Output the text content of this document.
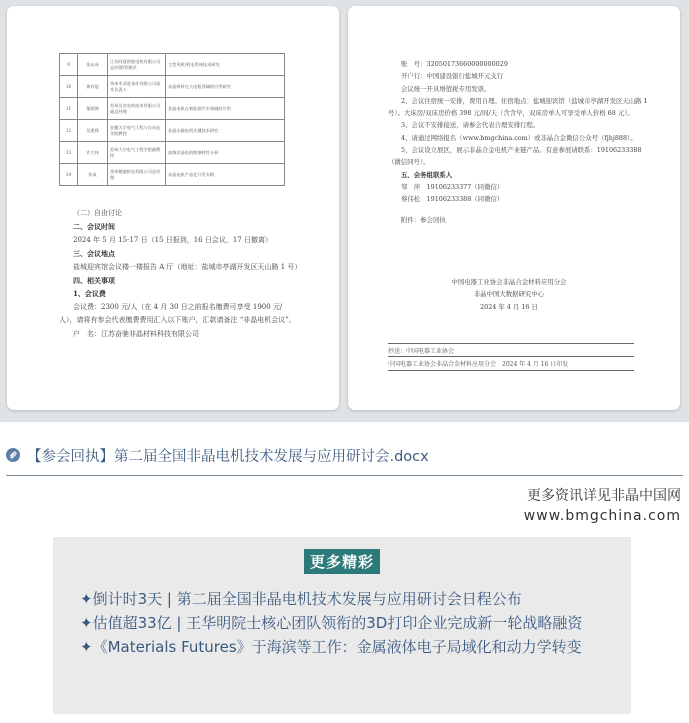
9	张永成	江苏同晟智能电机有限公司总经理/管理层	大型风机/机电系统技术研究
10	黄有能	常州市武进金环有限公司技术负责人	非晶带材在大电机领域的应用研究
11	郁炳海	苏州贝克电机技术有限公司副总经理	非晶电机在新能源汽车领域的应用
12	吴建锋	安徽大学电气工程与自动化学院教授	非晶永磁电机关键技术研究
13	许大伟	苏州大学电气工程学院副教授	高频非晶电机铁损特性分析
14	张成	常州德驰机电有限公司总经理	非晶电机产品化开发实践
（二）自由讨论
二、会议时间
2024 年 5 月 15-17 日（15 日报到，16 日会议，17 日撤离）
三、会议地点
盐城迎宾馆会议楼一楼报告 A 厅（地址：盐城市亭湖开发区天山路 1 号）
四、相关事项
1、会议费
会议费：2300 元/人（在 4 月 30 日之前报名缴费可享受 1900 元/人），请将有参会代表缴费费用汇入以下账户，汇款请备注 “非晶电机会议”。
户　名：江苏奋驰非晶材料科技有限公司
账　号：32050173660000000029
开户行：中国建设银行盐城开元支行
会议统一开具增值税专用发票。
2、会议住宿统一安排，费用自理。住宿地点：盐城迎宾馆（盐城市亭湖开发区天山路 1 号）。大床房/双床房价格 398 元/间/天（含含早，双床房单人可享受单人价格 68 元）。
3、会议不安排接送，请参会代表合理安排行程。
4、请通过网络报名（www.bmgchina.com）或非晶合金微信公众号（fjhj888）。
5、会议设立展区，展示非晶合金电机产业链产品。有意参展请联系：19106233388（微信同号）。
五、会务组联系人
邹　萍　19106233377（同微信）
蔡伟松　19106233388（同微信）
附件：参会回执
中国电器工业协会非晶合金材料应用分会
非晶中国大数据研究中心
2024 年 4 月 16 日
抄送：中国电器工业协会
中国电器工业协会非晶合金材料应用分会　2024 年 4 月 16 日印发
【参会回执】第二届全国非晶电机技术发展与应用研讨会.docx
更多资讯详见非晶中国网
www.bmgchina.com
更多精彩
✦倒计时3天 | 第二届全国非晶电机技术发展与应用研讨会日程公布
✦估值超33亿 | 王华明院士核心团队领衔的3D打印企业完成新一轮战略融资
✦《Materials Futures》于海滨等工作：金属液体电子局域化和动力学转变
